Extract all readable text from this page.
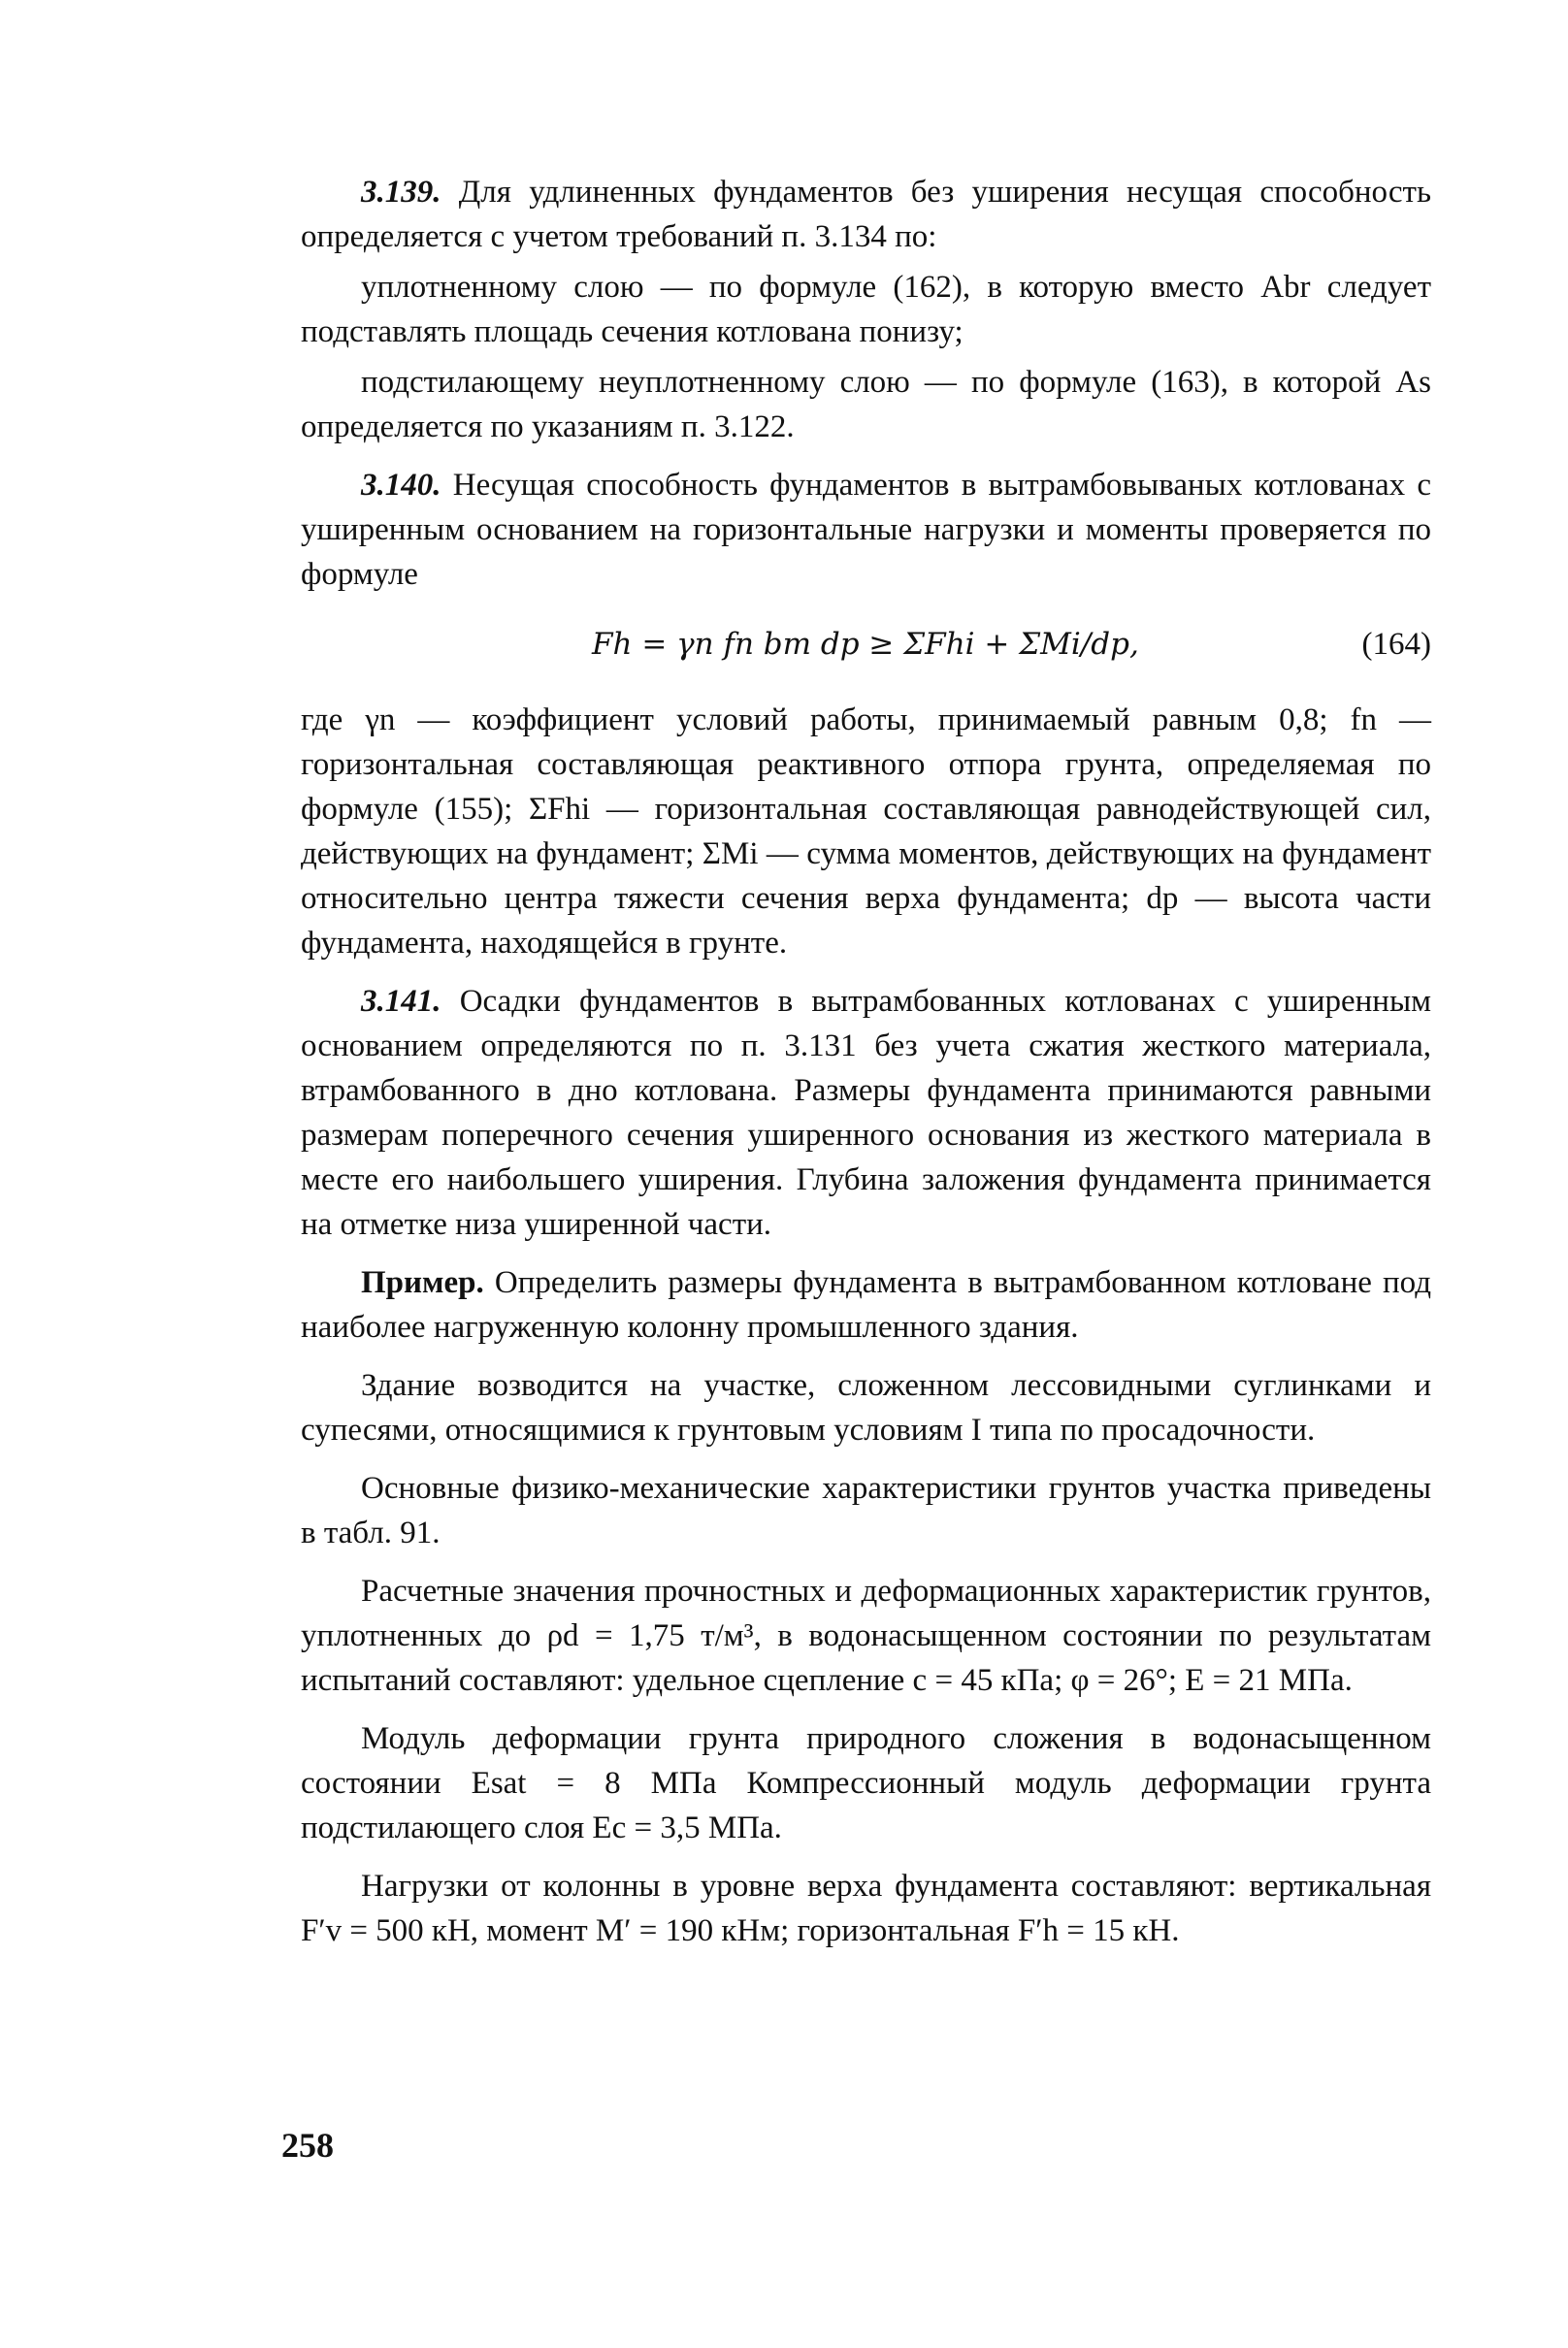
3.139. Для удлиненных фундаментов без уширения несущая способность определяется с учетом требований п. 3.134 по:

уплотненному слою — по формуле (162), в которую вместо Abr следует подставлять площадь сечения котлована понизу;

подстилающему неуплотненному слою — по формуле (163), в которой As определяется по указаниям п. 3.122.

3.140. Несущая способность фундаментов в вытрамбовываных котлованах с уширенным основанием на горизонтальные нагрузки и моменты проверяется по формуле

Fh = γn fn bm dp ≥ ΣFhi + ΣMi/dp,	(164)

где γn — коэффициент условий работы, принимаемый равным 0,8; fn — горизонтальная составляющая реактивного отпора грунта, определяемая по формуле (155); ΣFhi — горизонтальная составляющая равнодействующей сил, действующих на фундамент; ΣMi — сумма моментов, действующих на фундамент относительно центра тяжести сечения верха фундамента; dp — высота части фундамента, находящейся в грунте.

3.141. Осадки фундаментов в вытрамбованных котлованах с уширенным основанием определяются по п. 3.131 без учета сжатия жесткого материала, втрамбованного в дно котлована. Размеры фундамента принимаются равными размерам поперечного сечения уширенного основания из жесткого материала в месте его наибольшего уширения. Глубина заложения фундамента принимается на отметке низа уширенной части.

Пример. Определить размеры фундамента в вытрамбованном котловане под наиболее нагруженную колонну промышленного здания.

Здание возводится на участке, сложенном лессовидными суглинками и супесями, относящимися к грунтовым условиям I типа по просадочности.

Основные физико-механические характеристики грунтов участка приведены в табл. 91.

Расчетные значения прочностных и деформационных характеристик грунтов, уплотненных до ρd = 1,75 т/м³, в водонасыщенном состоянии по результатам испытаний составляют: удельное сцепление c = 45 кПа; φ = 26°; E = 21 МПа.

Модуль деформации грунта природного сложения в водонасыщенном состоянии Esat = 8 МПа Компрессионный модуль деформации грунта подстилающего слоя Ec = 3,5 МПа.

Нагрузки от колонны в уровне верха фундамента составляют: вертикальная F′v = 500 кН, момент M′ = 190 кНм; горизонтальная F′h = 15 кН.

258
